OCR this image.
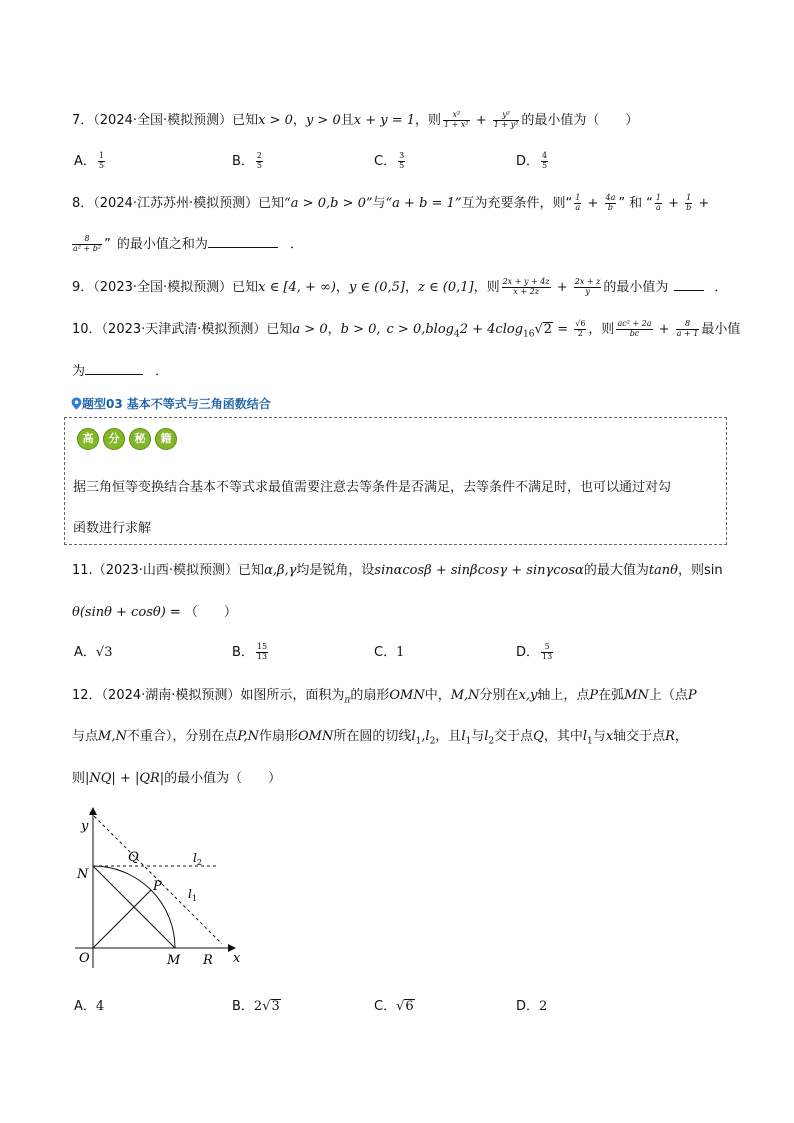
7．（2024·全国·模拟预测）已知x > 0，y > 0且x + y = 1，则 $\frac{\text{x²}}{\text{1 + x²}} + \frac{\text{y²}}{\text{1 + y²}}$ 的最小值为（　　）
A． $\frac{1}{5}$	B． $\frac{2}{5}$	C． $\frac{3}{5}$	D． $\frac{4}{5}$
8．（2024·江苏苏州·模拟预测）已知“a > 0,b > 0”与“a + b = 1”互为充要条件，则“ $\frac{1}{a} + \frac{4a}{b}$ ” 和 “ $\frac{1}{a} + \frac{1}{b}$ +
$\frac{8}{\text{a² + b²}}$ ” 的最小值之和为	．
9．（2023·全国·模拟预测）已知x ∈ [4, + ∞)，y ∈ (0,5]，z ∈ (0,1]，则 $\frac{2x + y + 4z}{x + 2z} + \frac{2x + z}{y}$ 的最小值为	．
10．（2023·天津武清·模拟预测）已知a > 0，b > 0, $c > 0,blog_42 + 4clog_{16}√2 = \frac{√6}{2}$ ，则 $\frac{\text{ac² + 2a}}{bc} + \frac{8}{a + 1}$ 最小值
为	．
题型03 基本不等式与三角函数结合
高	分	秘	籍
据三角恒等变换结合基本不等式求最值需要注意去等条件是否满足，去等条件不满足时，也可以通过对勾
函数进行求解
11.（2023·山西·模拟预测）已知α,β,γ均是锐角，设sinαcosβ + sinβcosγ + sinγcosα的最大值为tanθ，则sin
θ(sinθ + cosθ) = （　　）
A．√3	B． $\frac{15}{13}$	C．1	D． $\frac{5}{13}$
12．（2024·湖南·模拟预测）如图所示，面积为$_\pi$的扇形OMN中，M,N分别在x,y轴上，点P在弧MN上（点P
与点M,N不重合），分别在点P,N作扇形OMN所在圆的切线$l_1,l_2$，且$l_1$与$l_2$交于点Q，其中$l_1$与x轴交于点R，
则|NQ| + |QR|的最小值为（　　）
y
x
O
N
M R
Q
P
$l_2$
$l_1$
A．4	B．2√3	C．√6	D．2
